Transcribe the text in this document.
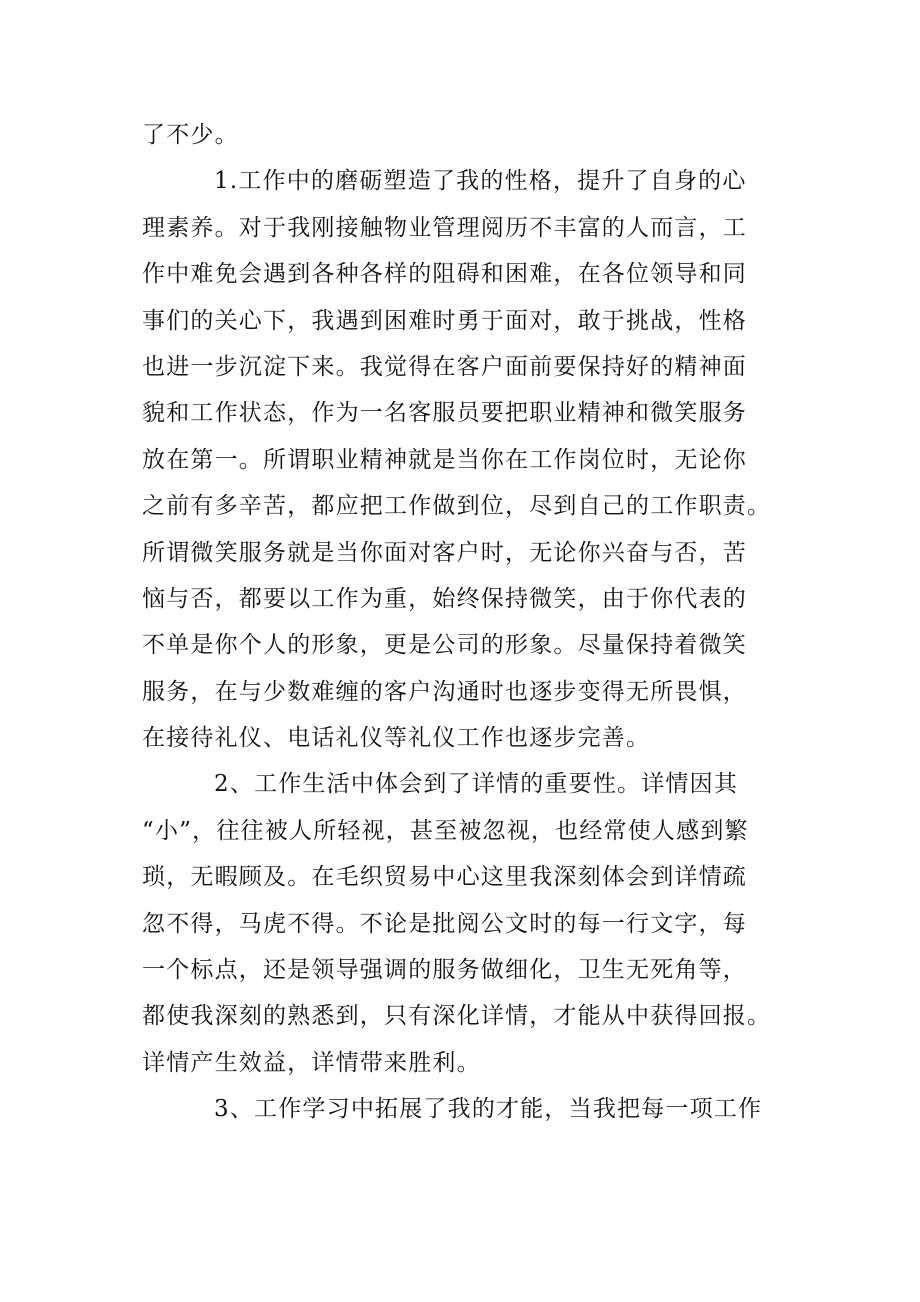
了不少。
1.工作中的磨砺塑造了我的性格，提升了自身的心
理素养。对于我刚接触物业管理阅历不丰富的人而言，工
作中难免会遇到各种各样的阻碍和困难，在各位领导和同
事们的关心下，我遇到困难时勇于面对，敢于挑战，性格
也进一步沉淀下来。我觉得在客户面前要保持好的精神面
貌和工作状态，作为一名客服员要把职业精神和微笑服务
放在第一。所谓职业精神就是当你在工作岗位时，无论你
之前有多辛苦，都应把工作做到位，尽到自己的工作职责。
所谓微笑服务就是当你面对客户时，无论你兴奋与否，苦
恼与否，都要以工作为重，始终保持微笑，由于你代表的
不单是你个人的形象，更是公司的形象。尽量保持着微笑
服务，在与少数难缠的客户沟通时也逐步变得无所畏惧，
在接待礼仪、电话礼仪等礼仪工作也逐步完善。
2、工作生活中体会到了详情的重要性。详情因其
“小”，往往被人所轻视，甚至被忽视，也经常使人感到繁
琐，无暇顾及。在毛织贸易中心这里我深刻体会到详情疏
忽不得，马虎不得。不论是批阅公文时的每一行文字，每
一个标点，还是领导强调的服务做细化，卫生无死角等，
都使我深刻的熟悉到，只有深化详情，才能从中获得回报。
详情产生效益，详情带来胜利。
3、工作学习中拓展了我的才能，当我把每一项工作
